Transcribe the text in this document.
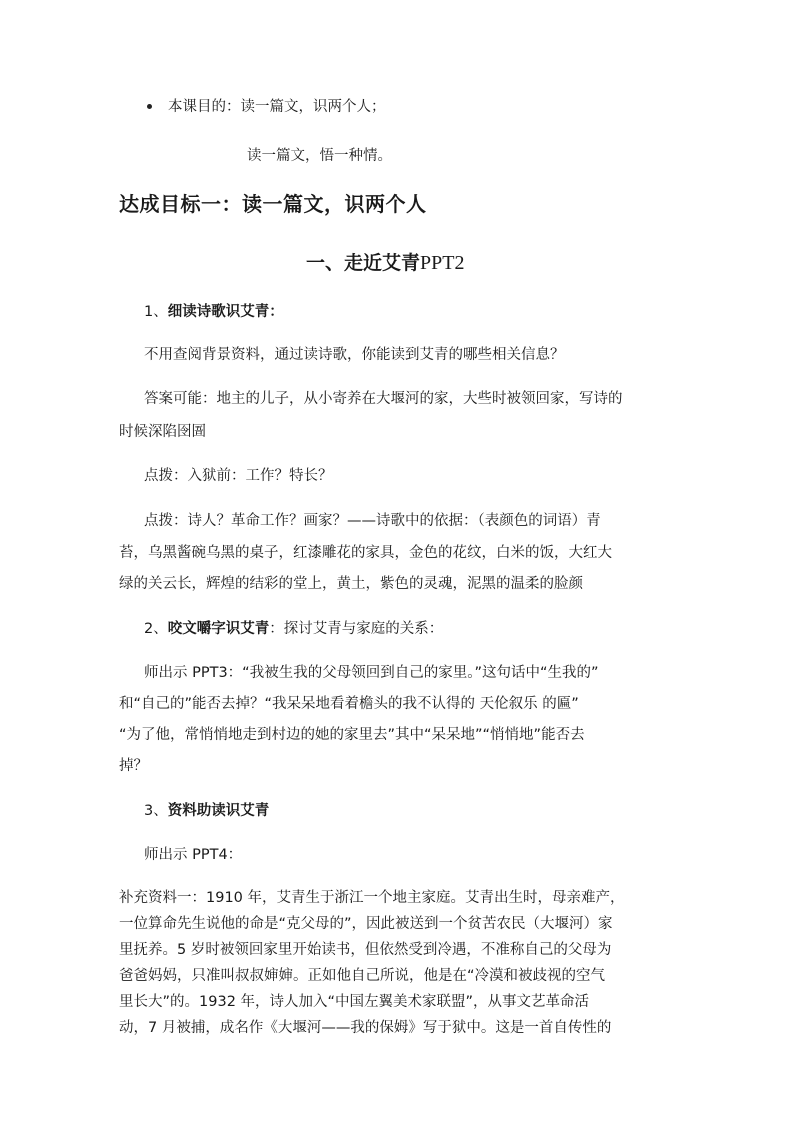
本课目的：读一篇文，识两个人；
读一篇文，悟一种情。
达成目标一：读一篇文，识两个人
一、走近艾青PPT2
1、细读诗歌识艾青：
不用查阅背景资料，通过读诗歌，你能读到艾青的哪些相关信息？
答案可能：地主的儿子，从小寄养在大堰河的家，大些时被领回家，写诗的
时候深陷囹圄
点拨：入狱前：工作？特长？
点拨：诗人？革命工作？画家？——诗歌中的依据：（表颜色的词语）青
苔，乌黑酱碗乌黑的桌子，红漆雕花的家具，金色的花纹，白米的饭，大红大
绿的关云长，辉煌的结彩的堂上，黄土，紫色的灵魂，泥黑的温柔的脸颜
2、咬文嚼字识艾青：探讨艾青与家庭的关系：
师出示 PPT3：“我被生我的父母领回到自己的家里。”这句话中“生我的”
和“自己的”能否去掉？“我呆呆地看着檐头的我不认得的 天伦叙乐 的匾”
“为了他，常悄悄地走到村边的她的家里去”其中“呆呆地”“悄悄地”能否去
掉？
3、资料助读识艾青
师出示 PPT4：
补充资料一：1910 年，艾青生于浙江一个地主家庭。艾青出生时，母亲难产，
一位算命先生说他的命是“克父母的”，因此被送到一个贫苦农民（大堰河）家
里抚养。5 岁时被领回家里开始读书，但依然受到冷遇，不准称自己的父母为
爸爸妈妈，只准叫叔叔婶婶。正如他自己所说，他是在“冷漠和被歧视的空气
里长大”的。1932 年，诗人加入“中国左翼美术家联盟”，从事文艺革命活
动，7 月被捕，成名作《大堰河——我的保姆》写于狱中。这是一首自传性的
